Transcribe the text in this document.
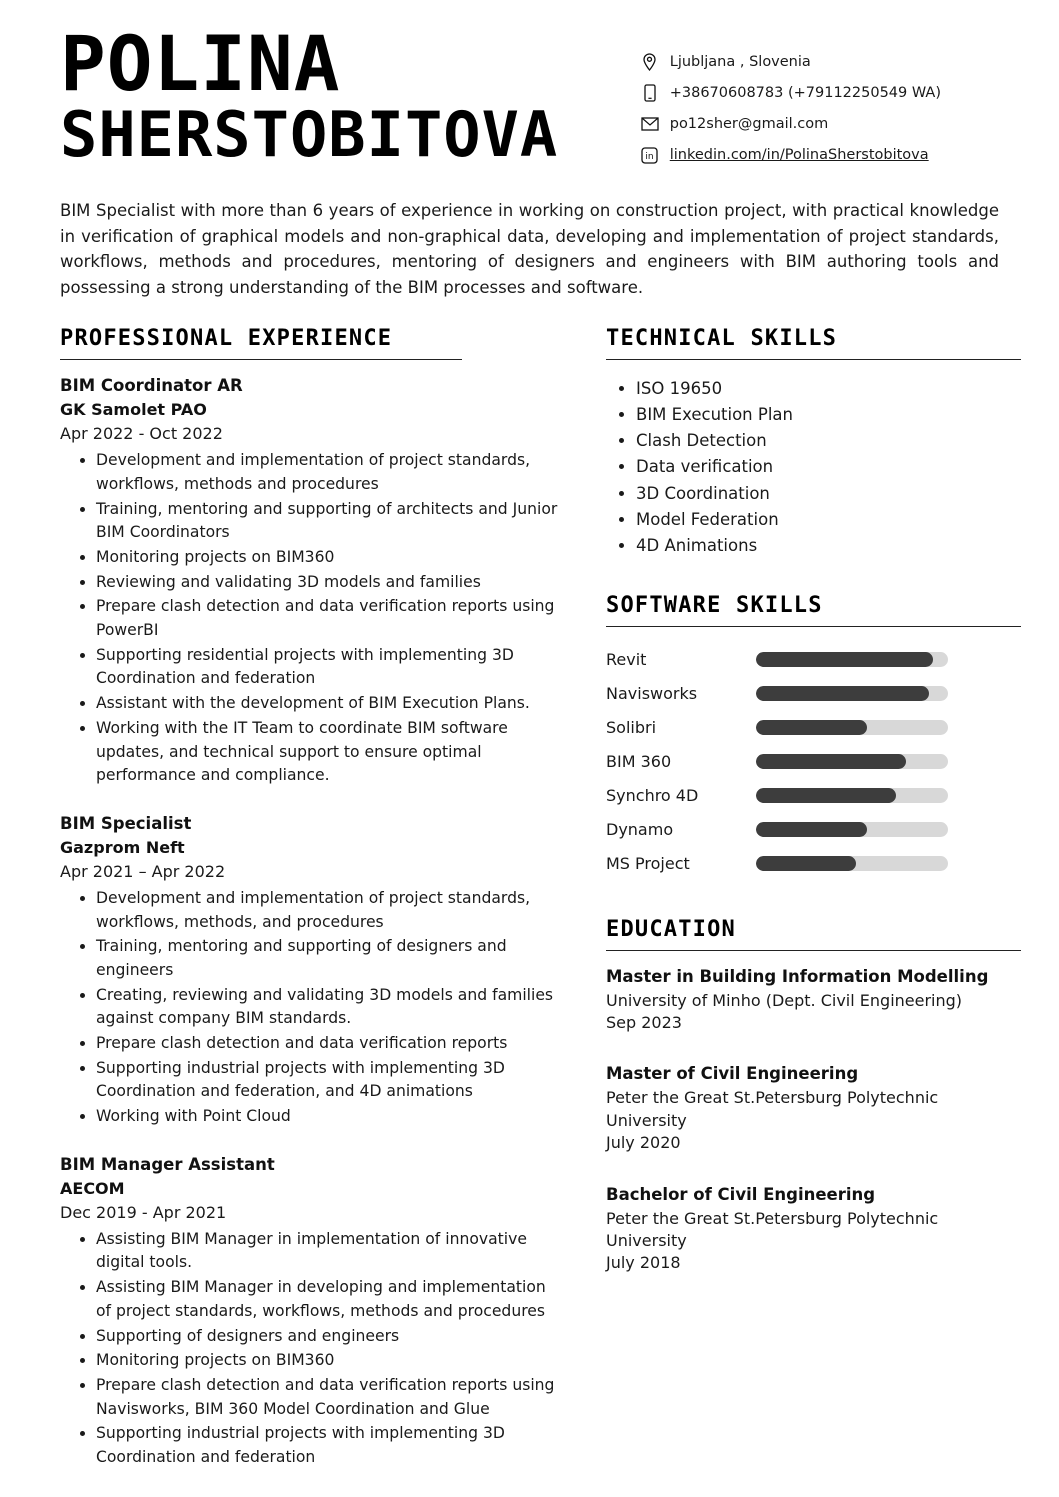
POLINA
SHERSTOBITOVA
Ljubljana , Slovenia
+38670608783 (+79112250549 WA)
po12sher@gmail.com
in linkedin.com/in/PolinaSherstobitova
BIM Specialist with more than 6 years of experience in working on construction project, with practical knowledge in verification of graphical models and non-graphical data, developing and implementation of project standards, workflows, methods and procedures, mentoring of designers and engineers with BIM authoring tools and possessing a strong understanding of the BIM processes and software.
PROFESSIONAL EXPERIENCE
BIM Coordinator AR
GK Samolet PAO
Apr 2022 - Oct 2022
• Development and implementation of project standards, workflows, methods and procedures
• Training, mentoring and supporting of architects and Junior BIM Coordinators
• Monitoring projects on BIM360
• Reviewing and validating 3D models and families
• Prepare clash detection and data verification reports using PowerBI
• Supporting residential projects with implementing 3D Coordination and federation
• Assistant with the development of BIM Execution Plans.
• Working with the IT Team to coordinate BIM software updates, and technical support to ensure optimal performance and compliance.
BIM Specialist
Gazprom Neft
Apr 2021 – Apr 2022
• Development and implementation of project standards, workflows, methods, and procedures
• Training, mentoring and supporting of designers and engineers
• Creating, reviewing and validating 3D models and families against company BIM standards.
• Prepare clash detection and data verification reports
• Supporting industrial projects with implementing 3D Coordination and federation, and 4D animations
• Working with Point Cloud
BIM Manager Assistant
AECOM
Dec 2019 - Apr 2021
• Assisting BIM Manager in implementation of innovative digital tools.
• Assisting BIM Manager in developing and implementation of project standards, workflows, methods and procedures
• Supporting of designers and engineers
• Monitoring projects on BIM360
• Prepare clash detection and data verification reports using Navisworks, BIM 360 Model Coordination and Glue
• Supporting industrial projects with implementing 3D Coordination and federation
TECHNICAL SKILLS
• ISO 19650
• BIM Execution Plan
• Clash Detection
• Data verification
• 3D Coordination
• Model Federation
• 4D Animations
SOFTWARE SKILLS
Revit
Navisworks
Solibri
BIM 360
Synchro 4D
Dynamo
MS Project
EDUCATION
Master in Building Information Modelling
University of Minho (Dept. Civil Engineering)
Sep 2023
Master of Civil Engineering
Peter the Great St.Petersburg Polytechnic University
July 2020
Bachelor of Civil Engineering
Peter the Great St.Petersburg Polytechnic University
July 2018
